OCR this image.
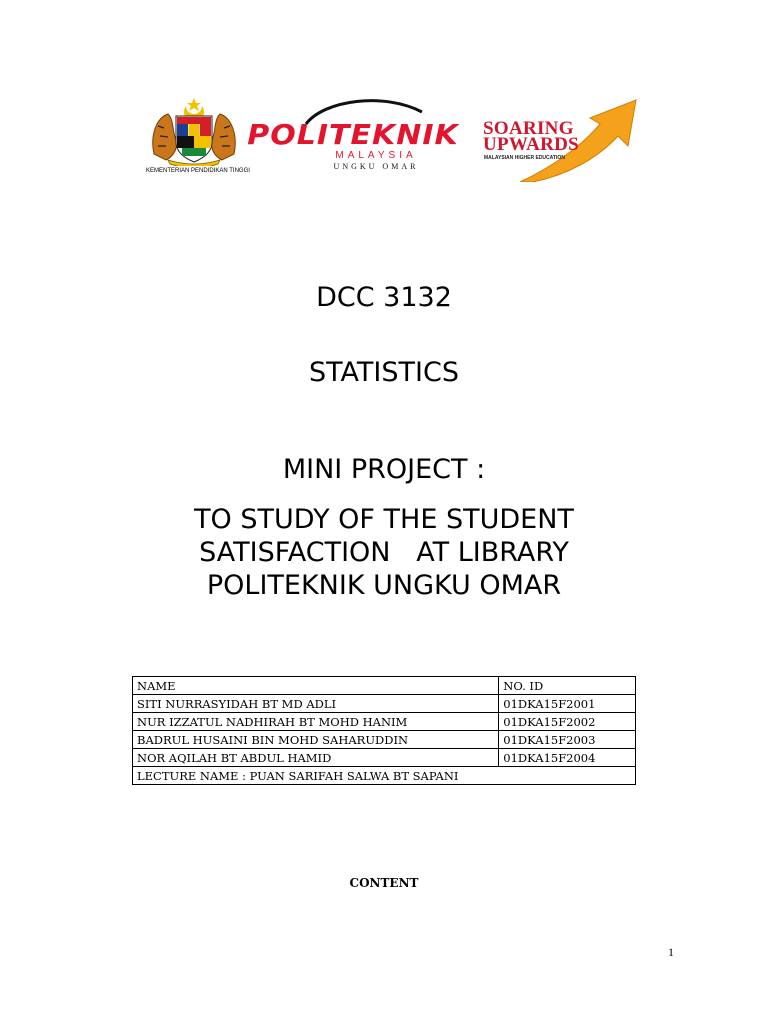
KEMENTERIAN PENDIDIKAN TINGGI
POLITEKNIK
MALAYSIA
UNGKU OMAR
SOARING
UPWARDS
MALAYSIAN HIGHER EDUCATION
DCC 3132
STATISTICS
MINI PROJECT :
TO STUDY OF THE STUDENT
SATISFACTION   AT LIBRARY
POLITEKNIK UNGKU OMAR
NAME	NO. ID
SITI NURRASYIDAH BT MD ADLI	01DKA15F2001
NUR IZZATUL NADHIRAH BT MOHD HANIM	01DKA15F2002
BADRUL HUSAINI BIN MOHD SAHARUDDIN	01DKA15F2003
NOR AQILAH BT ABDUL HAMID	01DKA15F2004
LECTURE NAME : PUAN SARIFAH SALWA BT SAPANI	
CONTENT
1
